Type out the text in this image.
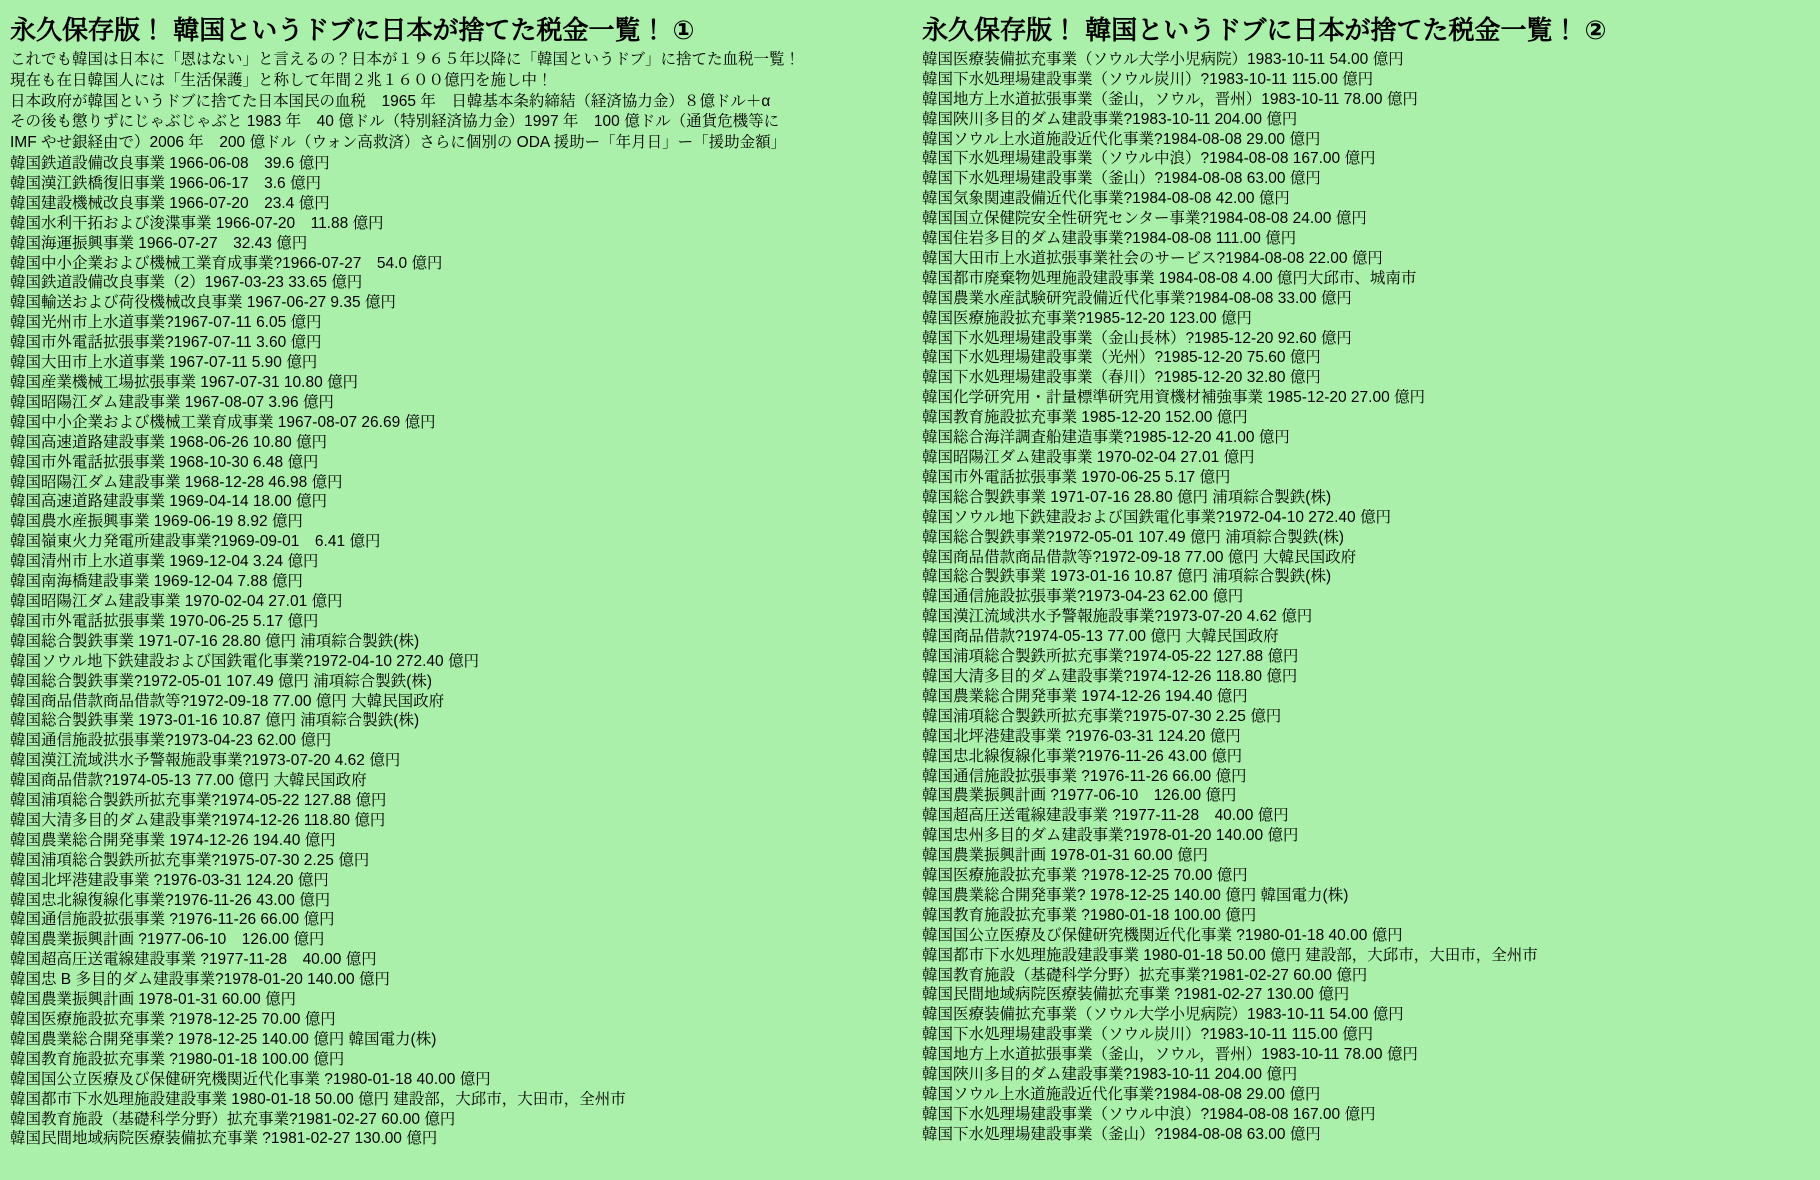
永久保存版！ 韓国というドブに日本が捨てた税金一覧！ ①

これでも韓国は日本に「恩はない」と言えるの？日本が１９６５年以降に「韓国というドブ」に捨てた血税一覧！

現在も在日韓国人には「生活保護」と称して年間２兆１６００億円を施し中！

日本政府が韓国というドブに捨てた日本国民の血税　1965 年　日韓基本条約締結（経済協力金）８億ドル＋α

その後も懲りずにじゃぶじゃぶと 1983 年　40 億ドル（特別経済協力金）1997 年　100 億ドル（通貨危機等に

IMF やせ銀経由で）2006 年　200 億ドル（ウォン高救済）さらに個別の ODA 援助ー「年月日」ー「援助金額」

韓国鉄道設備改良事業 1966-06-08　39.6 億円

韓国漢江鉄橋復旧事業 1966-06-17　3.6 億円

韓国建設機械改良事業 1966-07-20　23.4 億円

韓国水利干拓および浚渫事業 1966-07-20　11.88 億円

韓国海運振興事業 1966-07-27　32.43 億円

韓国中小企業および機械工業育成事業?1966-07-27　54.0 億円

韓国鉄道設備改良事業（2）1967-03-23 33.65 億円

韓国輸送および荷役機械改良事業 1967-06-27 9.35 億円

韓国光州市上水道事業?1967-07-11 6.05 億円

韓国市外電話拡張事業?1967-07-11 3.60 億円

韓国大田市上水道事業 1967-07-11 5.90 億円

韓国産業機械工場拡張事業 1967-07-31 10.80 億円

韓国昭陽江ダム建設事業 1967-08-07 3.96 億円

韓国中小企業および機械工業育成事業 1967-08-07 26.69 億円

韓国高速道路建設事業 1968-06-26 10.80 億円

韓国市外電話拡張事業 1968-10-30 6.48 億円

韓国昭陽江ダム建設事業 1968-12-28 46.98 億円

韓国高速道路建設事業 1969-04-14 18.00 億円

韓国農水産振興事業 1969-06-19 8.92 億円

韓国嶺東火力発電所建設事業?1969-09-01　6.41 億円

韓国清州市上水道事業 1969-12-04 3.24 億円

韓国南海橋建設事業 1969-12-04 7.88 億円

韓国昭陽江ダム建設事業 1970-02-04 27.01 億円

韓国市外電話拡張事業 1970-06-25 5.17 億円

韓国総合製鉄事業 1971-07-16 28.80 億円 浦項綜合製鉄(株)

韓国ソウル地下鉄建設および国鉄電化事業?1972-04-10 272.40 億円

韓国総合製鉄事業?1972-05-01 107.49 億円 浦項綜合製鉄(株)

韓国商品借款商品借款等?1972-09-18 77.00 億円 大韓民国政府

韓国総合製鉄事業 1973-01-16 10.87 億円 浦項綜合製鉄(株)

韓国通信施設拡張事業?1973-04-23 62.00 億円

韓国漢江流域洪水予警報施設事業?1973-07-20 4.62 億円

韓国商品借款?1974-05-13 77.00 億円 大韓民国政府

韓国浦項総合製鉄所拡充事業?1974-05-22 127.88 億円

韓国大清多目的ダム建設事業?1974-12-26 118.80 億円

韓国農業総合開発事業 1974-12-26 194.40 億円

韓国浦項総合製鉄所拡充事業?1975-07-30 2.25 億円

韓国北坪港建設事業 ?1976-03-31 124.20 億円

韓国忠北線復線化事業?1976-11-26 43.00 億円

韓国通信施設拡張事業 ?1976-11-26 66.00 億円

韓国農業振興計画 ?1977-06-10　126.00 億円

韓国超高圧送電線建設事業 ?1977-11-28　40.00 億円

韓国忠 B 多目的ダム建設事業?1978-01-20 140.00 億円

韓国農業振興計画 1978-01-31 60.00 億円

韓国医療施設拡充事業 ?1978-12-25 70.00 億円

韓国農業総合開発事業? 1978-12-25 140.00 億円 韓国電力(株)

韓国教育施設拡充事業 ?1980-01-18 100.00 億円

韓国国公立医療及び保健研究機関近代化事業 ?1980-01-18 40.00 億円

韓国都市下水処理施設建設事業 1980-01-18 50.00 億円 建設部，大邱市，大田市，全州市

韓国教育施設（基礎科学分野）拡充事業?1981-02-27 60.00 億円

韓国民間地域病院医療装備拡充事業 ?1981-02-27 130.00 億円

永久保存版！ 韓国というドブに日本が捨てた税金一覧！ ②

韓国医療装備拡充事業（ソウル大学小児病院）1983-10-11 54.00 億円

韓国下水処理場建設事業（ソウル炭川）?1983-10-11 115.00 億円

韓国地方上水道拡張事業（釜山，ソウル，晋州）1983-10-11 78.00 億円

韓国陜川多目的ダム建設事業?1983-10-11 204.00 億円

韓国ソウル上水道施設近代化事業?1984-08-08 29.00 億円

韓国下水処理場建設事業（ソウル中浪）?1984-08-08 167.00 億円

韓国下水処理場建設事業（釜山）?1984-08-08 63.00 億円

韓国気象関連設備近代化事業?1984-08-08 42.00 億円

韓国国立保健院安全性研究センター事業?1984-08-08 24.00 億円

韓国住岩多目的ダム建設事業?1984-08-08 111.00 億円

韓国大田市上水道拡張事業社会のサービス?1984-08-08 22.00 億円

韓国都市廃棄物処理施設建設事業 1984-08-08 4.00 億円大邱市、城南市

韓国農業水産試験研究設備近代化事業?1984-08-08 33.00 億円

韓国医療施設拡充事業?1985-12-20 123.00 億円

韓国下水処理場建設事業（金山長林）?1985-12-20 92.60 億円

韓国下水処理場建設事業（光州）?1985-12-20 75.60 億円

韓国下水処理場建設事業（春川）?1985-12-20 32.80 億円

韓国化学研究用・計量標準研究用資機材補強事業 1985-12-20 27.00 億円

韓国教育施設拡充事業 1985-12-20 152.00 億円

韓国総合海洋調査船建造事業?1985-12-20 41.00 億円

韓国昭陽江ダム建設事業 1970-02-04 27.01 億円

韓国市外電話拡張事業 1970-06-25 5.17 億円

韓国総合製鉄事業 1971-07-16 28.80 億円 浦項綜合製鉄(株)

韓国ソウル地下鉄建設および国鉄電化事業?1972-04-10 272.40 億円

韓国総合製鉄事業?1972-05-01 107.49 億円 浦項綜合製鉄(株)

韓国商品借款商品借款等?1972-09-18 77.00 億円 大韓民国政府

韓国総合製鉄事業 1973-01-16 10.87 億円 浦項綜合製鉄(株)

韓国通信施設拡張事業?1973-04-23 62.00 億円

韓国漢江流域洪水予警報施設事業?1973-07-20 4.62 億円

韓国商品借款?1974-05-13 77.00 億円 大韓民国政府

韓国浦項総合製鉄所拡充事業?1974-05-22 127.88 億円

韓国大清多目的ダム建設事業?1974-12-26 118.80 億円

韓国農業総合開発事業 1974-12-26 194.40 億円

韓国浦項総合製鉄所拡充事業?1975-07-30 2.25 億円

韓国北坪港建設事業 ?1976-03-31 124.20 億円

韓国忠北線復線化事業?1976-11-26 43.00 億円

韓国通信施設拡張事業 ?1976-11-26 66.00 億円

韓国農業振興計画 ?1977-06-10　126.00 億円

韓国超高圧送電線建設事業 ?1977-11-28　40.00 億円

韓国忠州多目的ダム建設事業?1978-01-20 140.00 億円

韓国農業振興計画 1978-01-31 60.00 億円

韓国医療施設拡充事業 ?1978-12-25 70.00 億円

韓国農業総合開発事業? 1978-12-25 140.00 億円 韓国電力(株)

韓国教育施設拡充事業 ?1980-01-18 100.00 億円

韓国国公立医療及び保健研究機関近代化事業 ?1980-01-18 40.00 億円

韓国都市下水処理施設建設事業 1980-01-18 50.00 億円 建設部，大邱市，大田市，全州市

韓国教育施設（基礎科学分野）拡充事業?1981-02-27 60.00 億円

韓国民間地域病院医療装備拡充事業 ?1981-02-27 130.00 億円

韓国医療装備拡充事業（ソウル大学小児病院）1983-10-11 54.00 億円

韓国下水処理場建設事業（ソウル炭川）?1983-10-11 115.00 億円

韓国地方上水道拡張事業（釜山，ソウル，晋州）1983-10-11 78.00 億円

韓国陜川多目的ダム建設事業?1983-10-11 204.00 億円

韓国ソウル上水道施設近代化事業?1984-08-08 29.00 億円

韓国下水処理場建設事業（ソウル中浪）?1984-08-08 167.00 億円

韓国下水処理場建設事業（釜山）?1984-08-08 63.00 億円
